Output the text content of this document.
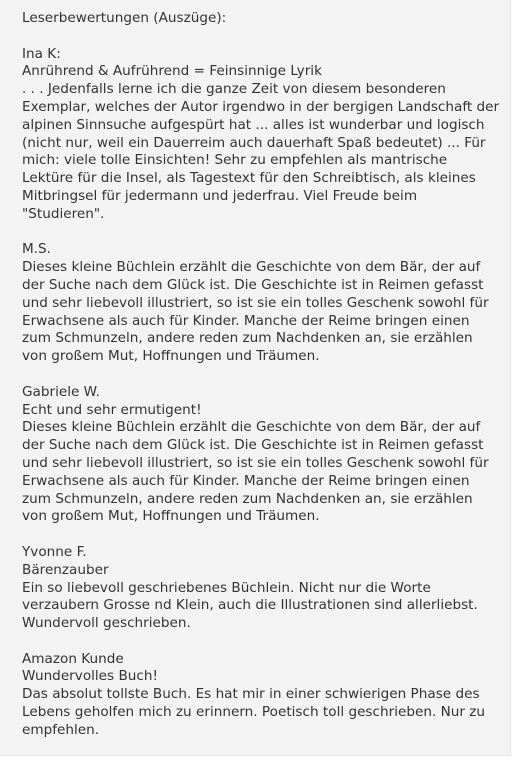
Leserbewertungen (Auszüge):

Ina K:

Anrührend & Aufrührend = Feinsinnige Lyrik

. . . Jedenfalls lerne ich die ganze Zeit von diesem besonderen Exemplar, welches der Autor irgendwo in der bergigen Landschaft der alpinen Sinnsuche aufgespürt hat ... alles ist wunderbar und logisch (nicht nur, weil ein Dauerreim auch dauerhaft Spaß bedeutet) ... Für mich: viele tolle Einsichten! Sehr zu empfehlen als mantrische Lektüre für die Insel, als Tagestext für den Schreibtisch, als kleines Mitbringsel für jedermann und jederfrau. Viel Freude beim "Studieren".

M.S.

Dieses kleine Büchlein erzählt die Geschichte von dem Bär, der auf der Suche nach dem Glück ist. Die Geschichte ist in Reimen gefasst und sehr liebevoll illustriert, so ist sie ein tolles Geschenk sowohl für Erwachsene als auch für Kinder. Manche der Reime bringen einen zum Schmunzeln, andere reden zum Nachdenken an, sie erzählen von großem Mut, Hoffnungen und Träumen.

Gabriele W.

Echt und sehr ermutigent!

Dieses kleine Büchlein erzählt die Geschichte von dem Bär, der auf der Suche nach dem Glück ist. Die Geschichte ist in Reimen gefasst und sehr liebevoll illustriert, so ist sie ein tolles Geschenk sowohl für Erwachsene als auch für Kinder. Manche der Reime bringen einen zum Schmunzeln, andere reden zum Nachdenken an, sie erzählen von großem Mut, Hoffnungen und Träumen.

Yvonne F.

Bärenzauber

Ein so liebevoll geschriebenes Büchlein. Nicht nur die Worte verzaubern Grosse nd Klein, auch die Illustrationen sind allerliebst. Wundervoll geschrieben.

Amazon Kunde

Wundervolles Buch!

Das absolut tollste Buch. Es hat mir in einer schwierigen Phase des Lebens geholfen mich zu erinnern. Poetisch toll geschrieben. Nur zu empfehlen.
